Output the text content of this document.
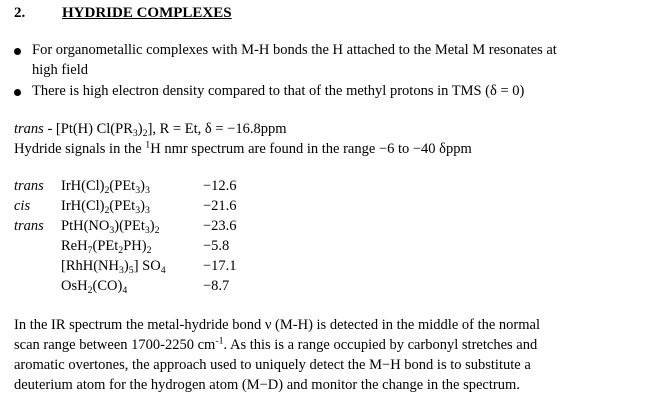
2. HYDRIDE COMPLEXES
For organometallic complexes with M-H bonds the H attached to the Metal M resonates at
high field
There is high electron density compared to that of the methyl protons in TMS (δ = 0)
trans - [Pt(H) $Cl(PR_3)_2$], R = Et, δ = −16.8ppm
Hydride signals in the $^1$H nmr spectrum are found in the range −6 to −40 δppm
trans $IrH(Cl)_2(PEt_3)_3$	−12.6
cis $IrH(Cl)_2(PEt_3)_3$	−21.6
trans $PtH(NO_3)(PEt_3)_2$	−23.6
$ReH_7(PEt_2PH)_2$	−5.8
$[RhH(NH_3)_5]$ $SO_4$	−17.1
$OsH_2(CO)_4$	−8.7
In the IR spectrum the metal-hydride bond ν (M-H) is detected in the middle of the normal
scan range between 1700-2250 $cm^{-1}$. As this is a range occupied by carbonyl stretches and
aromatic overtones, the approach used to uniquely detect the M−H bond is to substitute a
deuterium atom for the hydrogen atom (M−D) and monitor the change in the spectrum.
